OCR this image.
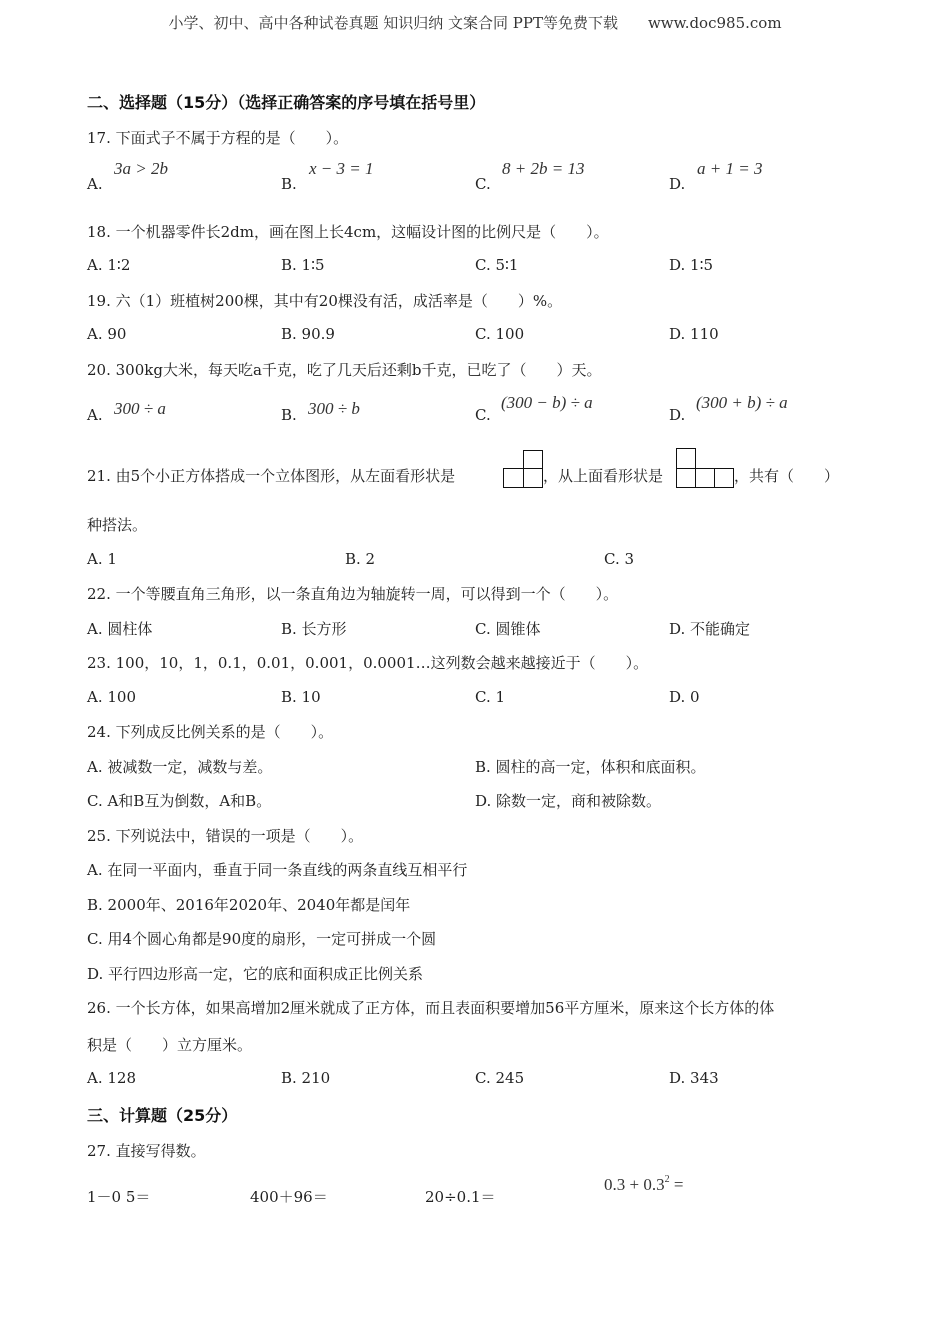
小学、初中、高中各种试卷真题 知识归纳 文案合同 PPT等免费下载　　www.doc985.com
二、选择题（15分）（选择正确答案的序号填在括号里）
17. 下面式子不属于方程的是（　　）。
A.
3a > 2b
B.
x − 3 = 1
C.
8 + 2b = 13
D.
a + 1 = 3
18. 一个机器零件长2dm，画在图上长4cm，这幅设计图的比例尺是（　　）。
A. 1∶2	B. 1∶5	C. 5∶1	D. 1∶5
19. 六（1）班植树200棵，其中有20棵没有活，成活率是（　　）%。
A. 90	B. 90.9	C. 100	D. 110
20. 300kg大米，每天吃a千克，吃了几天后还剩b千克，已吃了（　　）天。
A. 300 ÷ a	B. 300 ÷ b	C.
(300 − b) ÷ a
D.
(300 + b) ÷ a
21. 由5个小正方体搭成一个立体图形，从左面看形状是	，从上面看形状是	，共有（　　）
种搭法。
A. 1	B. 2	C. 3
22. 一个等腰直角三角形，以一条直角边为轴旋转一周，可以得到一个（　　）。
A. 圆柱体	B. 长方形	C. 圆锥体	D. 不能确定
23. 100，10，1，0.1，0.01，0.001，0.0001…这列数会越来越接近于（　　）。
A. 100	B. 10	C. 1	D. 0
24. 下列成反比例关系的是（　　）。
A. 被减数一定，减数与差。	B. 圆柱的高一定，体积和底面积。
C. A和B互为倒数，A和B。	D. 除数一定，商和被除数。
25. 下列说法中，错误的一项是（　　）。
A. 在同一平面内，垂直于同一条直线的两条直线互相平行
B. 2000年、2016年2020年、2040年都是闰年
C. 用4个圆心角都是90度的扇形，一定可拼成一个圆
D. 平行四边形高一定，它的底和面积成正比例关系
26. 一个长方体，如果高增加2厘米就成了正方体，而且表面积要增加56平方厘米，原来这个长方体的体
积是（　　）立方厘米。
A. 128	B. 210	C. 245	D. 343
三、计算题（25分）
27. 直接写得数。
1－0 5＝	400＋96＝	20÷0.1＝
$0.3 + 0.3^2$ =
